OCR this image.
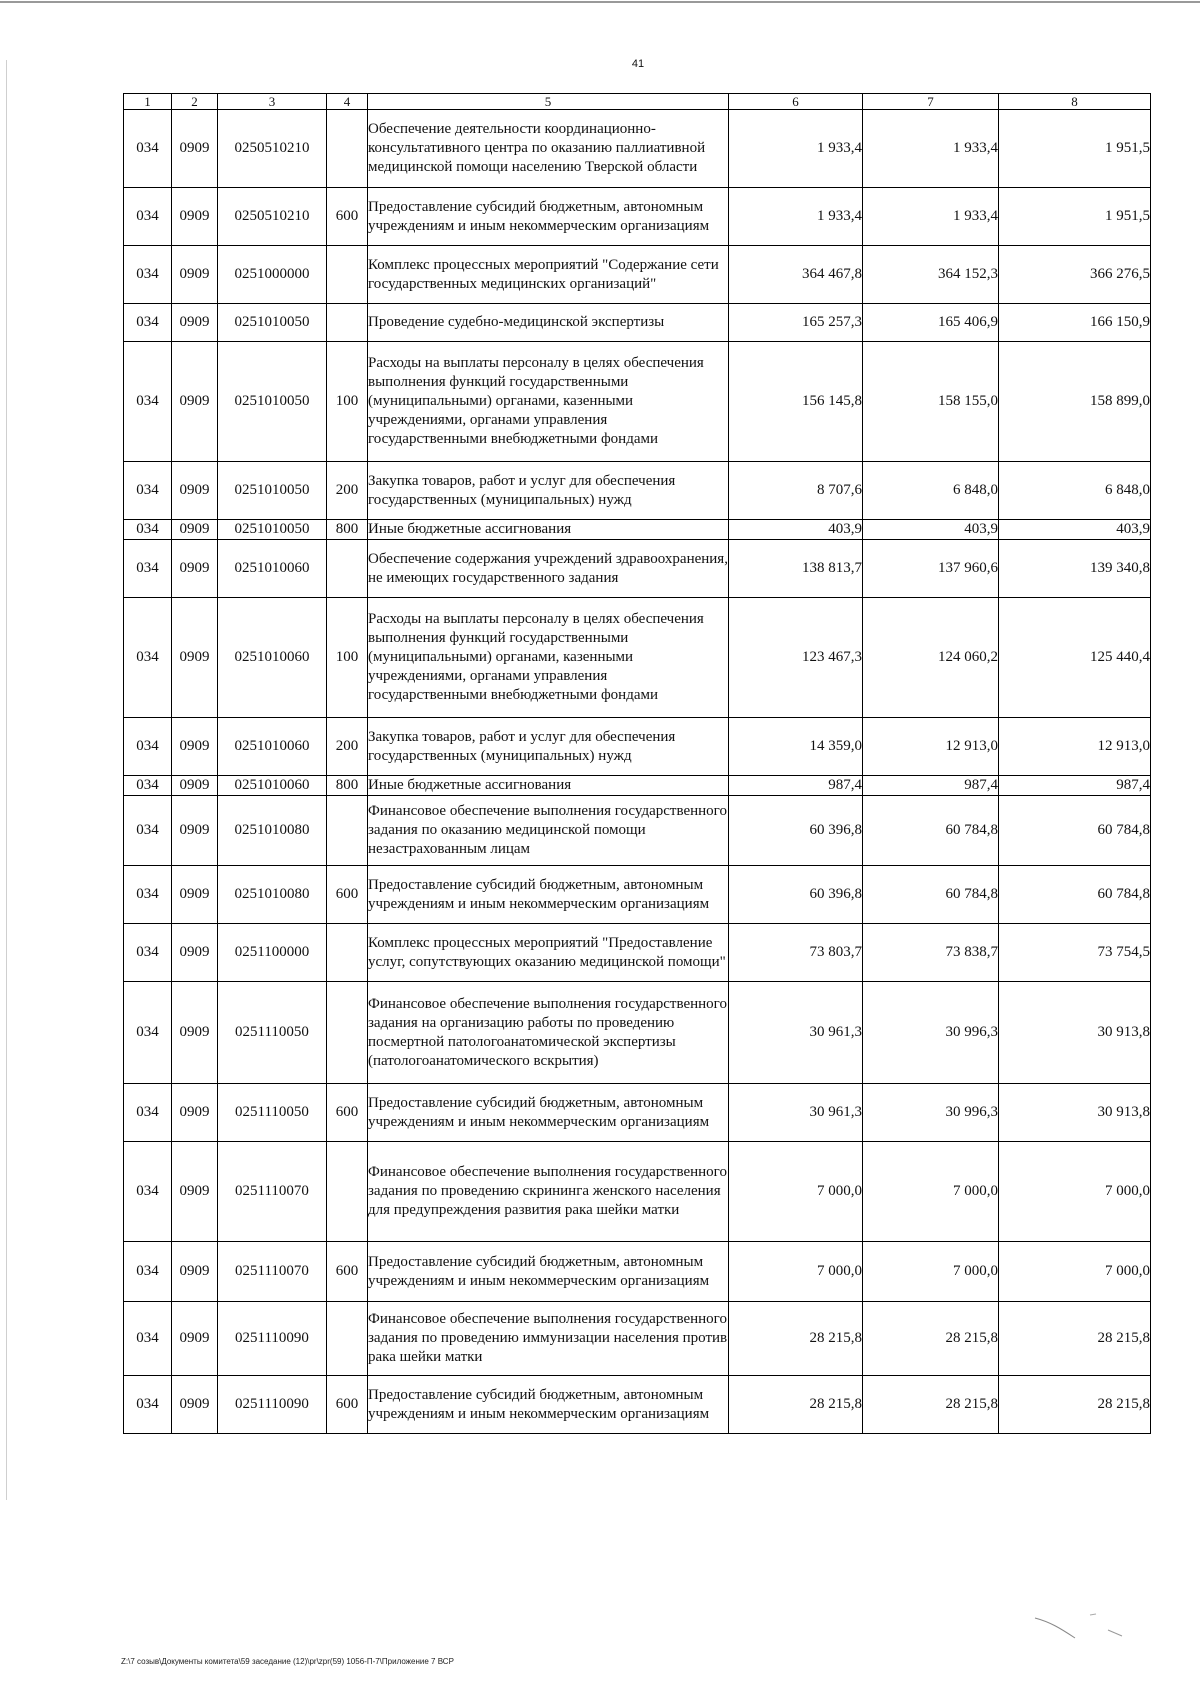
41
1	2	3	4	5	6	7	8
034	0909	0250510210		Обеспечение деятельности координационно-консультативного центра по оказанию паллиативной медицинской помощи населению Тверской области	1 933,4	1 933,4	1 951,5
034	0909	0250510210	600	Предоставление субсидий бюджетным, автономным учреждениям и иным некоммерческим организациям	1 933,4	1 933,4	1 951,5
034	0909	0251000000		Комплекс процессных мероприятий "Содержание сети государственных медицинских организаций"	364 467,8	364 152,3	366 276,5
034	0909	0251010050		Проведение судебно-медицинской экспертизы	165 257,3	165 406,9	166 150,9
034	0909	0251010050	100	Расходы на выплаты персоналу в целях обеспечения выполнения функций государственными (муниципальными) органами, казенными учреждениями, органами управления государственными внебюджетными фондами	156 145,8	158 155,0	158 899,0
034	0909	0251010050	200	Закупка товаров, работ и услуг для обеспечения государственных (муниципальных) нужд	8 707,6	6 848,0	6 848,0
034	0909	0251010050	800	Иные бюджетные ассигнования	403,9	403,9	403,9
034	0909	0251010060		Обеспечение содержания учреждений здравоохранения, не имеющих государственного задания	138 813,7	137 960,6	139 340,8
034	0909	0251010060	100	Расходы на выплаты персоналу в целях обеспечения выполнения функций государственными (муниципальными) органами, казенными учреждениями, органами управления государственными внебюджетными фондами	123 467,3	124 060,2	125 440,4
034	0909	0251010060	200	Закупка товаров, работ и услуг для обеспечения государственных (муниципальных) нужд	14 359,0	12 913,0	12 913,0
034	0909	0251010060	800	Иные бюджетные ассигнования	987,4	987,4	987,4
034	0909	0251010080		Финансовое обеспечение выполнения государственного задания по оказанию медицинской помощи незастрахованным лицам	60 396,8	60 784,8	60 784,8
034	0909	0251010080	600	Предоставление субсидий бюджетным, автономным учреждениям и иным некоммерческим организациям	60 396,8	60 784,8	60 784,8
034	0909	0251100000		Комплекс процессных мероприятий "Предоставление услуг, сопутствующих оказанию медицинской помощи"	73 803,7	73 838,7	73 754,5
034	0909	0251110050		Финансовое обеспечение выполнения государственного задания на организацию работы по проведению посмертной патологоанатомической экспертизы (патологоанатомического вскрытия)	30 961,3	30 996,3	30 913,8
034	0909	0251110050	600	Предоставление субсидий бюджетным, автономным учреждениям и иным некоммерческим организациям	30 961,3	30 996,3	30 913,8
034	0909	0251110070		Финансовое обеспечение выполнения государственного задания по проведению скрининга женского населения для предупреждения развития рака шейки матки	7 000,0	7 000,0	7 000,0
034	0909	0251110070	600	Предоставление субсидий бюджетным, автономным учреждениям и иным некоммерческим организациям	7 000,0	7 000,0	7 000,0
034	0909	0251110090		Финансовое обеспечение выполнения государственного задания по проведению иммунизации населения против рака шейки матки	28 215,8	28 215,8	28 215,8
034	0909	0251110090	600	Предоставление субсидий бюджетным, автономным учреждениям и иным некоммерческим организациям	28 215,8	28 215,8	28 215,8
Z:\7 созыв\Документы комитета\59 заседание (12)\pr\zpr(59) 1056-П-7\Приложение 7 ВСР
